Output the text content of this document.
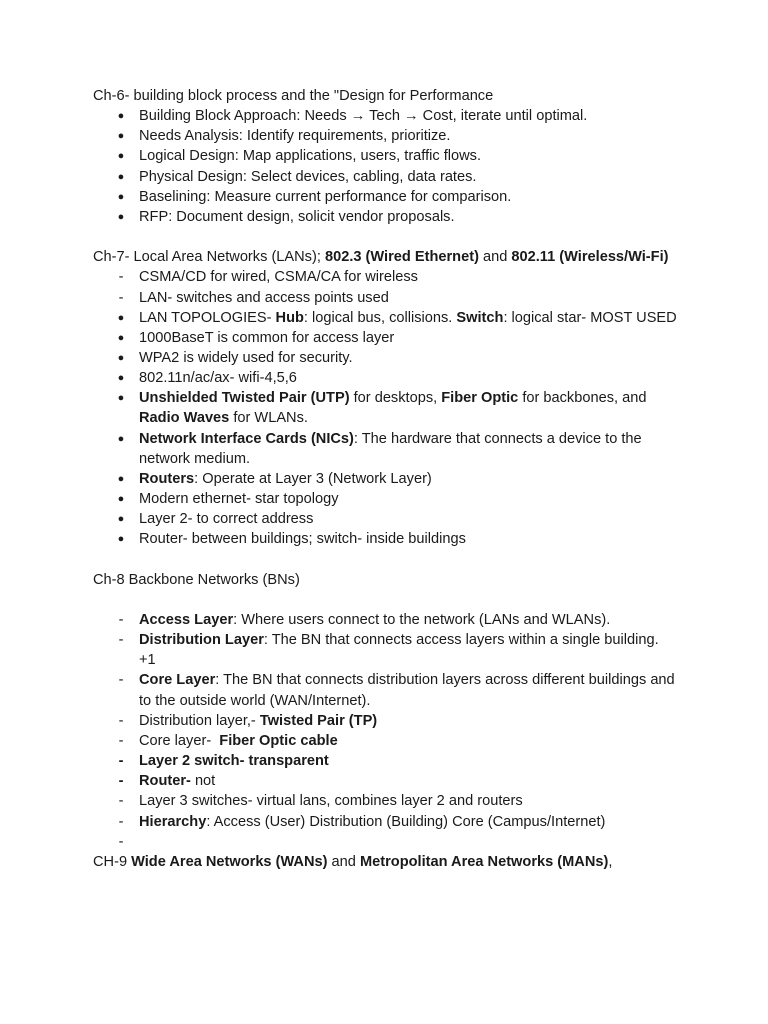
Ch-6- building block process and the "Design for Performance

●	Building Block Approach: Needs → Tech → Cost, iterate until optimal.
●	Needs Analysis: Identify requirements, prioritize.
●	Logical Design: Map applications, users, traffic flows.
●	Physical Design: Select devices, cabling, data rates.
●	Baselining: Measure current performance for comparison.
●	RFP: Document design, solicit vendor proposals.

Ch-7- Local Area Networks (LANs); 802.3 (Wired Ethernet) and 802.11 (Wireless/Wi-Fi)

-	CSMA/CD for wired, CSMA/CA for wireless
-	LAN- switches and access points used
●	LAN TOPOLOGIES- Hub: logical bus, collisions. Switch: logical star- MOST USED
●	1000BaseT is common for access layer
●	WPA2 is widely used for security.
●	802.11n/ac/ax- wifi-4,5,6
●	Unshielded Twisted Pair (UTP) for desktops, Fiber Optic for backbones, and Radio Waves for WLANs.
●	Network Interface Cards (NICs): The hardware that connects a device to the network medium.
●	Routers: Operate at Layer 3 (Network Layer)
●	Modern ethernet- star topology
●	Layer 2- to correct address
●	Router- between buildings; switch- inside buildings

Ch-8 Backbone Networks (BNs)

-	Access Layer: Where users connect to the network (LANs and WLANs).
-	Distribution Layer: The BN that connects access layers within a single building.
+1
-	Core Layer: The BN that connects distribution layers across different buildings and to the outside world (WAN/Internet).
-	Distribution layer,- Twisted Pair (TP)
-	Core layer-  Fiber Optic cable
-	Layer 2 switch- transparent
-	Router- not
-	Layer 3 switches- virtual lans, combines layer 2 and routers
-	Hierarchy: Access (User) Distribution (Building) Core (Campus/Internet)
-

CH-9 Wide Area Networks (WANs) and Metropolitan Area Networks (MANs),
